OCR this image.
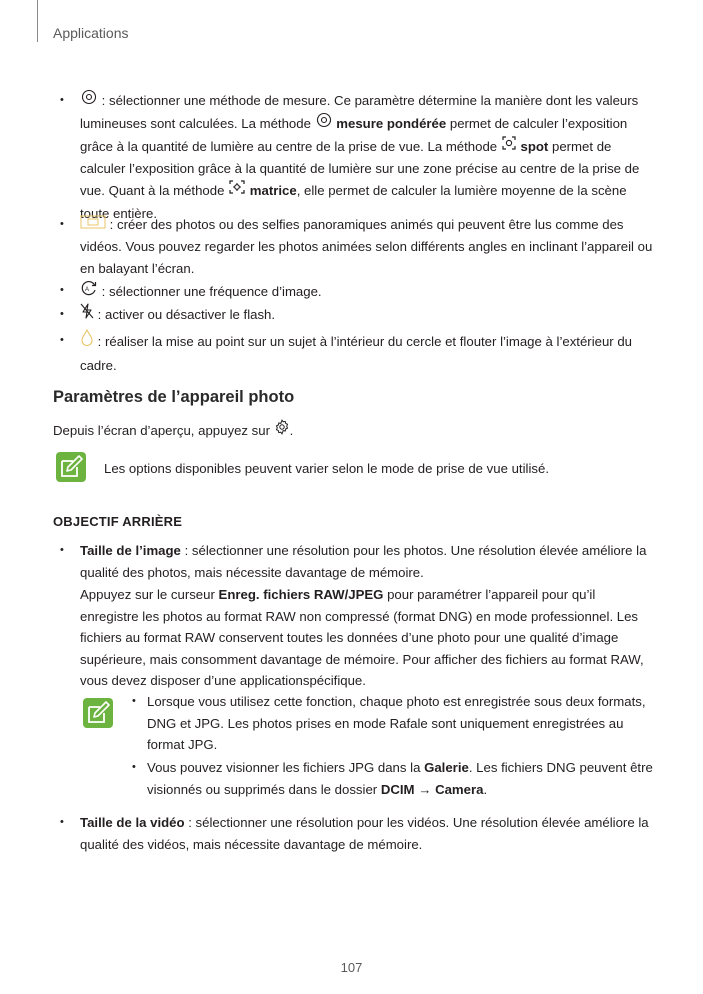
Applications
•	: sélectionner une méthode de mesure. Ce paramètre détermine la manière dont les valeurs lumineuses sont calculées. La méthode  mesure pondérée permet de calculer l’exposition grâce à la quantité de lumière au centre de la prise de vue. La méthode  spot permet de calculer l’exposition grâce à la quantité de lumière sur une zone précise au centre de la prise de vue. Quant à la méthode  matrice, elle permet de calculer la lumière moyenne de la scène toute entière.

•	: créer des photos ou des selfies panoramiques animés qui peuvent être lus comme des vidéos. Vous pouvez regarder les photos animées selon différents angles en inclinant l’appareil ou en balayant l’écran.

•	A : sélectionner une fréquence d’image.

•	: activer ou désactiver le flash.

•	: réaliser la mise au point sur un sujet à l’intérieur du cercle et flouter l’image à l’extérieur du cadre.

Paramètres de l’appareil photo

Depuis l’écran d’aperçu, appuyez sur .

Les options disponibles peuvent varier selon le mode de prise de vue utilisé.

OBJECTIF ARRIÈRE
• Taille de l’image : sélectionner une résolution pour les photos. Une résolution élevée améliore la qualité des photos, mais nécessite davantage de mémoire.

Appuyez sur le curseur Enreg. fichiers RAW/JPEG pour paramétrer l’appareil pour qu’il enregistre les photos au format RAW non compressé (format DNG) en mode professionnel. Les fichiers au format RAW conservent toutes les données d’une photo pour une qualité d’image supérieure, mais consomment davantage de mémoire. Pour afficher des fichiers au format RAW, vous devez disposer d’une applicationspécifique.

• Lorsque vous utilisez cette fonction, chaque photo est enregistrée sous deux formats, DNG et JPG. Les photos prises en mode Rafale sont uniquement enregistrées au format JPG.

• Vous pouvez visionner les fichiers JPG dans la Galerie. Les fichiers DNG peuvent être visionnés ou supprimés dans le dossier DCIM → Camera.

• Taille de la vidéo : sélectionner une résolution pour les vidéos. Une résolution élevée améliore la qualité des vidéos, mais nécessite davantage de mémoire.

107
